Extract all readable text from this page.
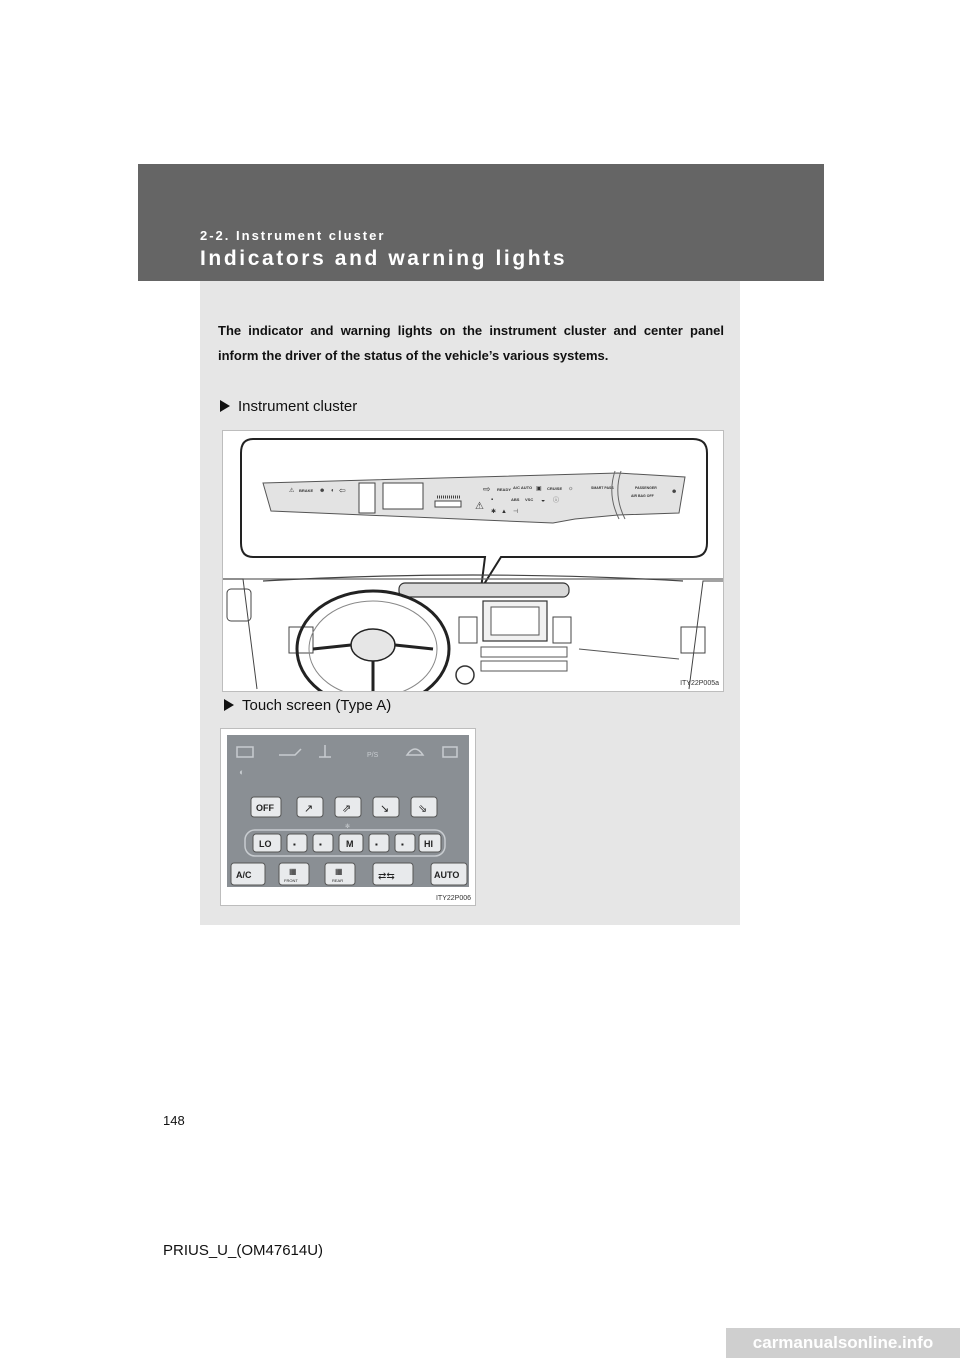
2-2. Instrument cluster
Indicators and warning lights
The indicator and warning lights on the instrument cluster and center panel inform the driver of the status of the vehicle’s various systems.
Instrument cluster
⚠ BRAKE ☻ ◐ ⇦	⇨ READY A/C AUTO ▣ CRUISE ☼
⚠
▪	ABS VSC ◒ ⓘ
✱ ▲ ⊣
SMART PASS	PASSENGER
AIR BAG OFF
☻
ITY22P005a
Touch screen (Type A)
P/S
◐
OFF	↗	⇗	↘	⇘
✻
LO	▪	▪	M	▪	▪ HI
A/C	▦
FRONT
▦
REAR	⇄⇆	AUTO
ITY22P006
148
PRIUS_U_(OM47614U)
carmanualsonline.info
